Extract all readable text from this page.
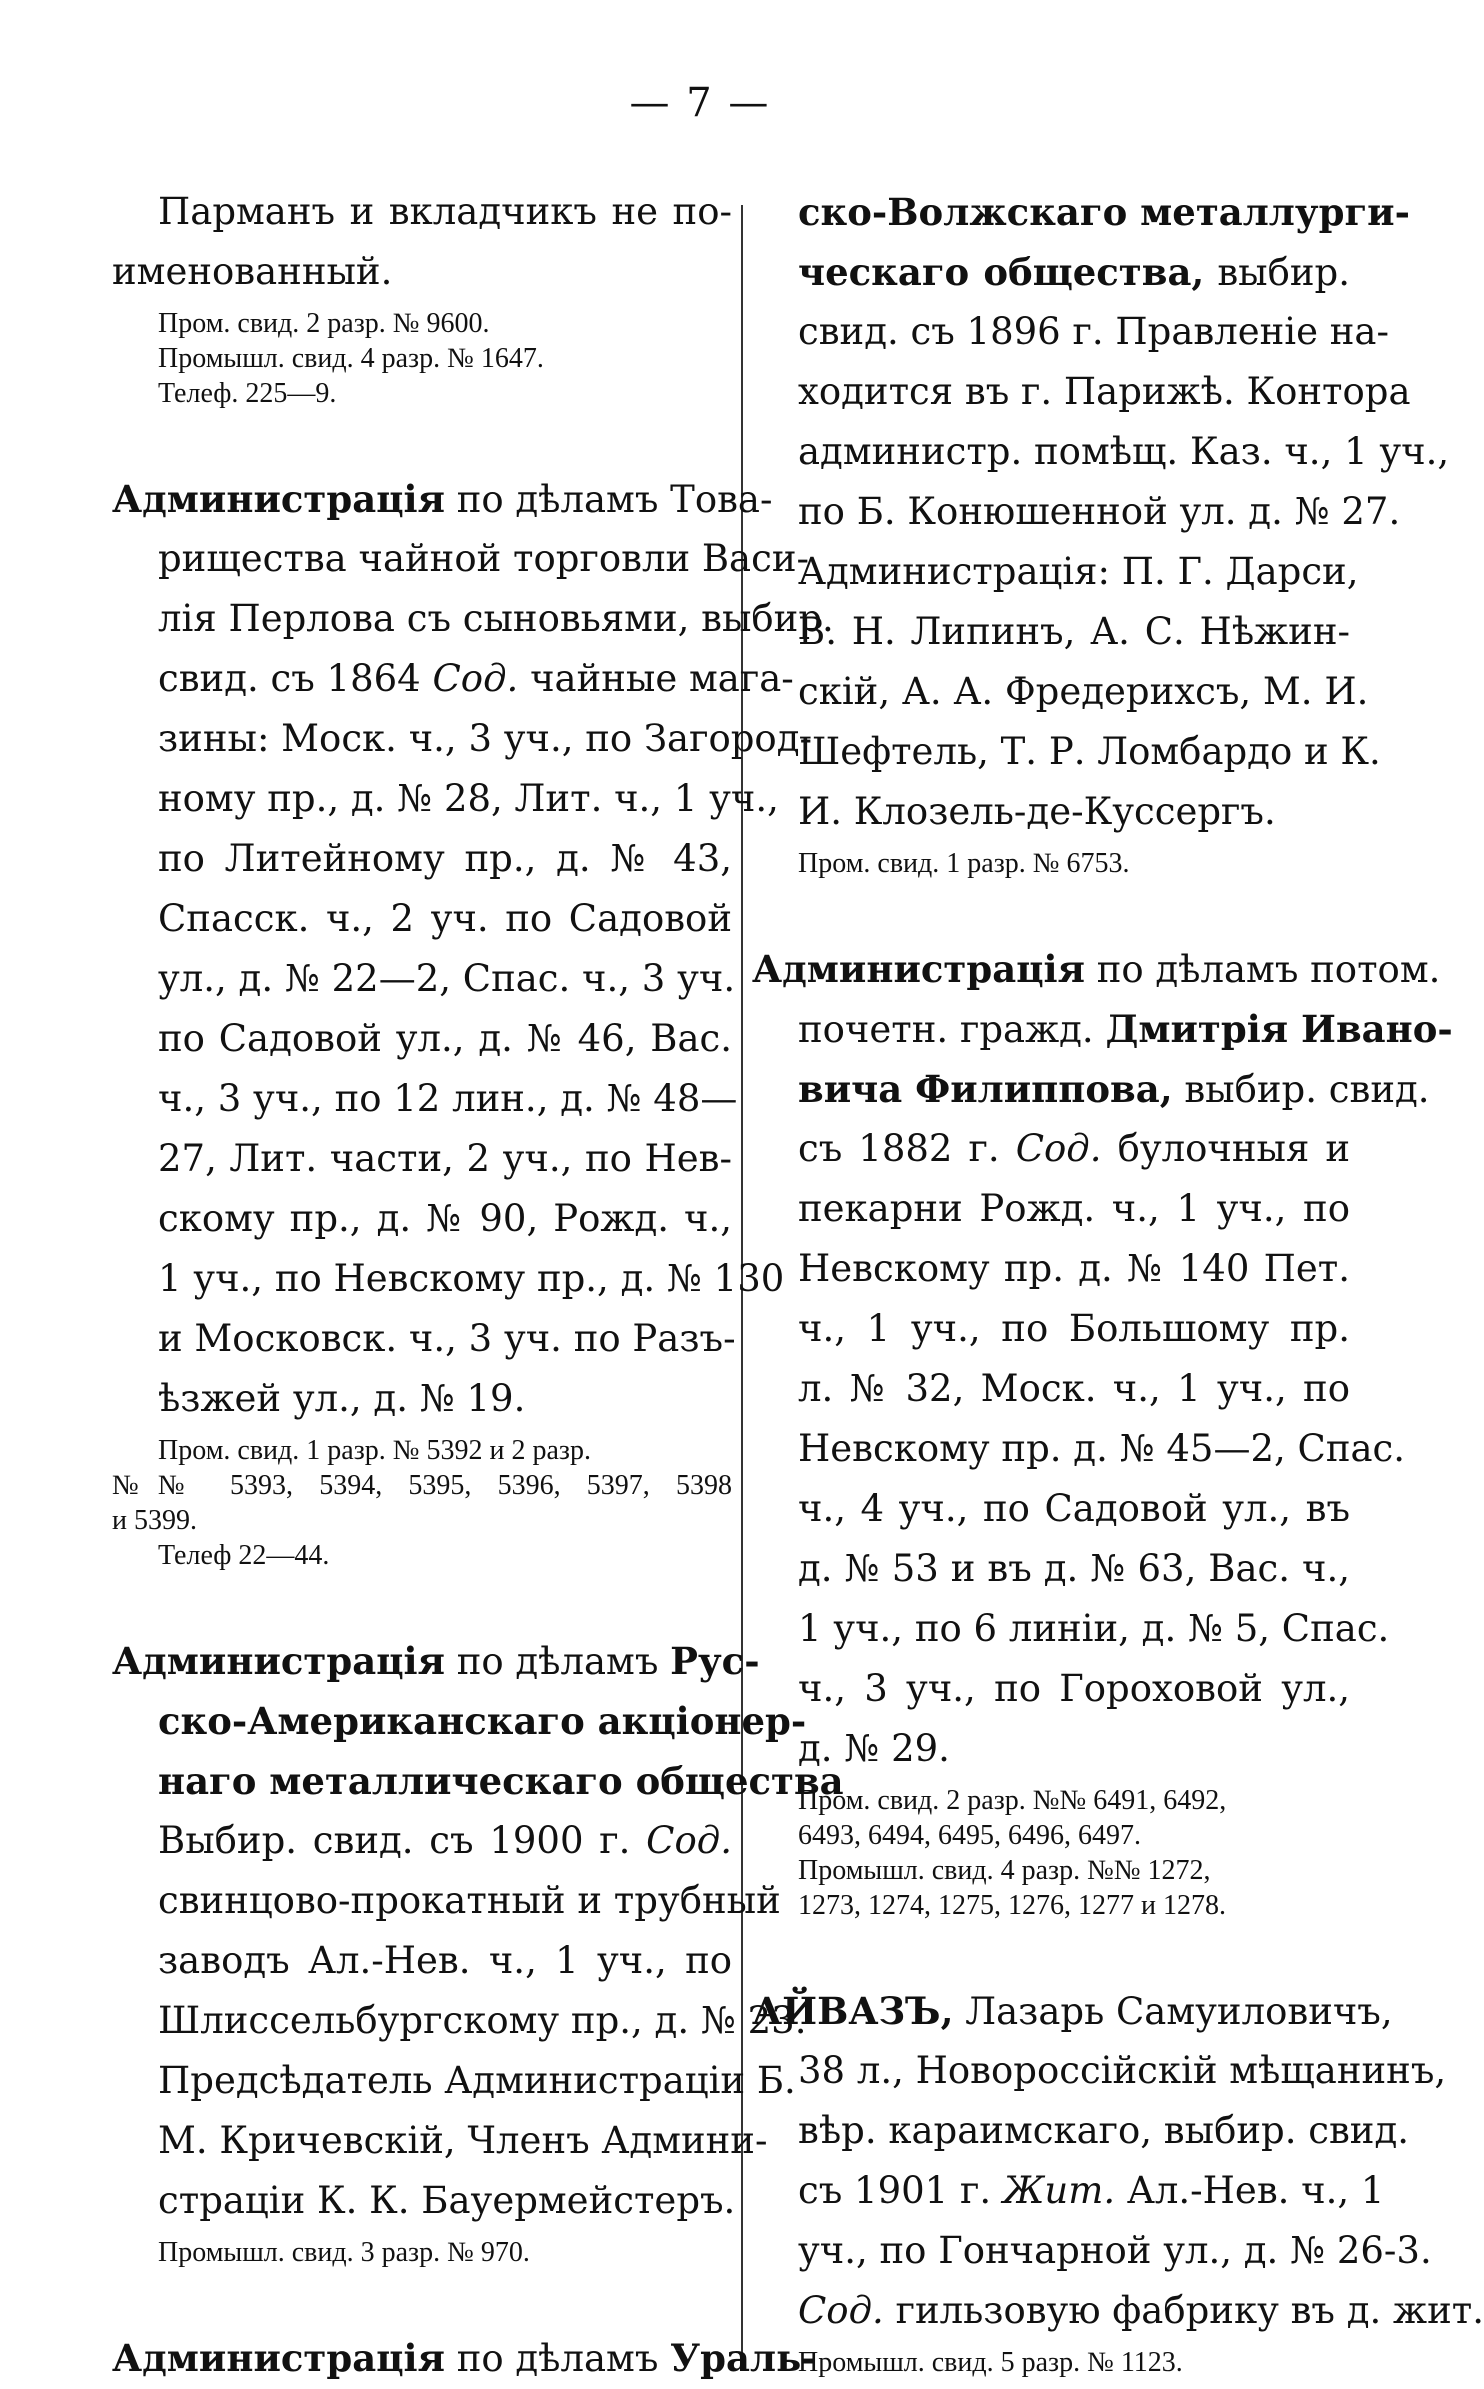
— 7 —
Парманъ и вкладчикъ не по-
именованный.
Пром. свид. 2 разр. № 9600.
Промышл. свид. 4 разр. № 1647.
Телеф. 225—9.
Администрація по дѣламъ Това-
рищества чайной торговли Васи-
лія Перлова съ сыновьями, выбир.
свид. съ 1864 Сод. чайные мага-
зины: Моск. ч., 3 уч., по Загород-
ному пр., д. № 28, Лит. ч., 1 уч.,
по Литейному пр., д. № 43,
Спасск. ч., 2 уч. по Садовой
ул., д. № 22—2, Спас. ч., 3 уч.
по Садовой ул., д. № 46, Вас.
ч., 3 уч., по 12 лин., д. № 48—
27, Лит. части, 2 уч., по Нев-
скому пр., д. № 90, Рожд. ч.,
1 уч., по Невскому пр., д. № 130
и Московск. ч., 3 уч. по Разъ-
ѣзжей ул., д. № 19.
Пром. свид. 1 разр. № 5392 и 2 разр.
№№ 5393, 5394, 5395, 5396, 5397, 5398
и 5399.
Телеф 22—44.
Администрація по дѣламъ Рус-
ско-Американскаго акціонер-
наго металлическаго общества
Выбир. свид. съ 1900 г. Сод.
свинцово-прокатный и трубный
заводъ Ал.-Нев. ч., 1 уч., по
Шлиссельбургскому пр., д. № 23.
Предсѣдатель Администраціи Б.
М. Кричевскій, Членъ Админи-
страціи К. К. Бауермейстеръ.
Промышл. свид. 3 разр. № 970.
Администрація по дѣламъ Ураль-
ско-Волжскаго металлурги-
ческаго общества, выбир.
свид. съ 1896 г. Правленіе на-
ходится въ г. Парижѣ. Контора
администр. помѣщ. Каз. ч., 1 уч.,
по Б. Конюшенной ул. д. № 27.
Администрація: П. Г. Дарси,
В. Н. Липинъ, А. С. Нѣжин-
скій, А. А. Фредерихсъ, М. И.
Шефтель, Т. Р. Ломбардо и К.
И. Клозель-де-Куссергъ.
Пром. свид. 1 разр. № 6753.
Администрація по дѣламъ потом.
почетн. гражд. Дмитрія Ивано-
вича Филиппова, выбир. свид.
съ 1882 г. Сод. булочныя и
пекарни Рожд. ч., 1 уч., по
Невскому пр. д. № 140 Пет.
ч., 1 уч., по Большому пр.
л. № 32, Моск. ч., 1 уч., по
Невскому пр. д. № 45—2, Спас.
ч., 4 уч., по Садовой ул., въ
д. № 53 и въ д. № 63, Вас. ч.,
1 уч., по 6 линіи, д. № 5, Спас.
ч., 3 уч., по Гороховой ул.,
д. № 29.
Пром. свид. 2 разр. №№ 6491, 6492,
6493, 6494, 6495, 6496, 6497.
Промышл. свид. 4 разр. №№ 1272,
1273, 1274, 1275, 1276, 1277 и 1278.
АЙВАЗЪ, Лазарь Самуиловичъ,
38 л., Новороссійскій мѣщанинъ,
вѣр. караимскаго, выбир. свид.
съ 1901 г. Жит. Ал.-Нев. ч., 1
уч., по Гончарной ул., д. № 26-3.
Сод. гильзовую фабрику въ д. жит.
Промышл. свид. 5 разр. № 1123.
